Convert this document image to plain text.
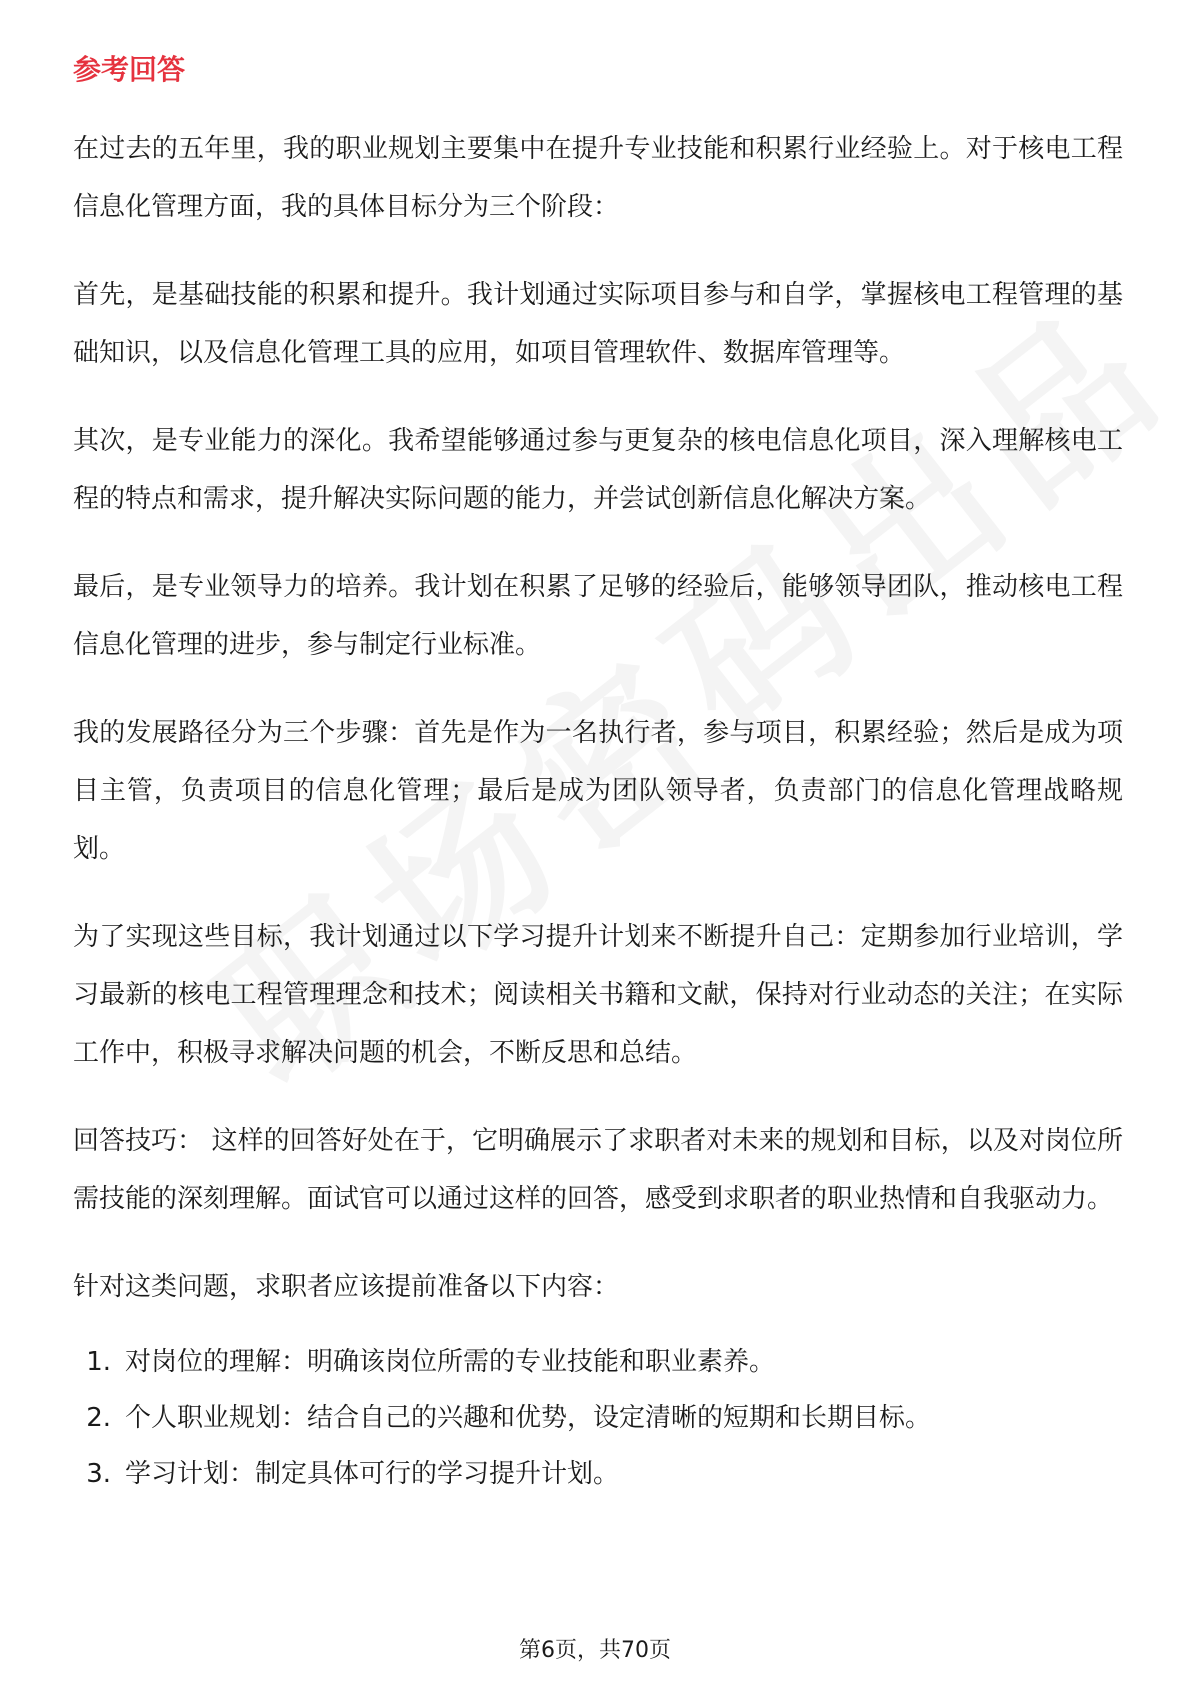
参考回答

在过去的五年里，我的职业规划主要集中在提升专业技能和积累行业经验上。对于核电工程信息化管理方面，我的具体目标分为三个阶段：

首先，是基础技能的积累和提升。我计划通过实际项目参与和自学，掌握核电工程管理的基础知识，以及信息化管理工具的应用，如项目管理软件、数据库管理等。

其次，是专业能力的深化。我希望能够通过参与更复杂的核电信息化项目，深入理解核电工程的特点和需求，提升解决实际问题的能力，并尝试创新信息化解决方案。

最后，是专业领导力的培养。我计划在积累了足够的经验后，能够领导团队，推动核电工程信息化管理的进步，参与制定行业标准。

我的发展路径分为三个步骤：首先是作为一名执行者，参与项目，积累经验；然后是成为项目主管，负责项目的信息化管理；最后是成为团队领导者，负责部门的信息化管理战略规划。

为了实现这些目标，我计划通过以下学习提升计划来不断提升自己：定期参加行业培训，学习最新的核电工程管理理念和技术；阅读相关书籍和文献，保持对行业动态的关注；在实际工作中，积极寻求解决问题的机会，不断反思和总结。

回答技巧： 这样的回答好处在于，它明确展示了求职者对未来的规划和目标，以及对岗位所需技能的深刻理解。面试官可以通过这样的回答，感受到求职者的职业热情和自我驱动力。

针对这类问题，求职者应该提前准备以下内容：

1. 对岗位的理解：明确该岗位所需的专业技能和职业素养。
2. 个人职业规划：结合自己的兴趣和优势，设定清晰的短期和长期目标。
3. 学习计划：制定具体可行的学习提升计划。
第6页，共70页
